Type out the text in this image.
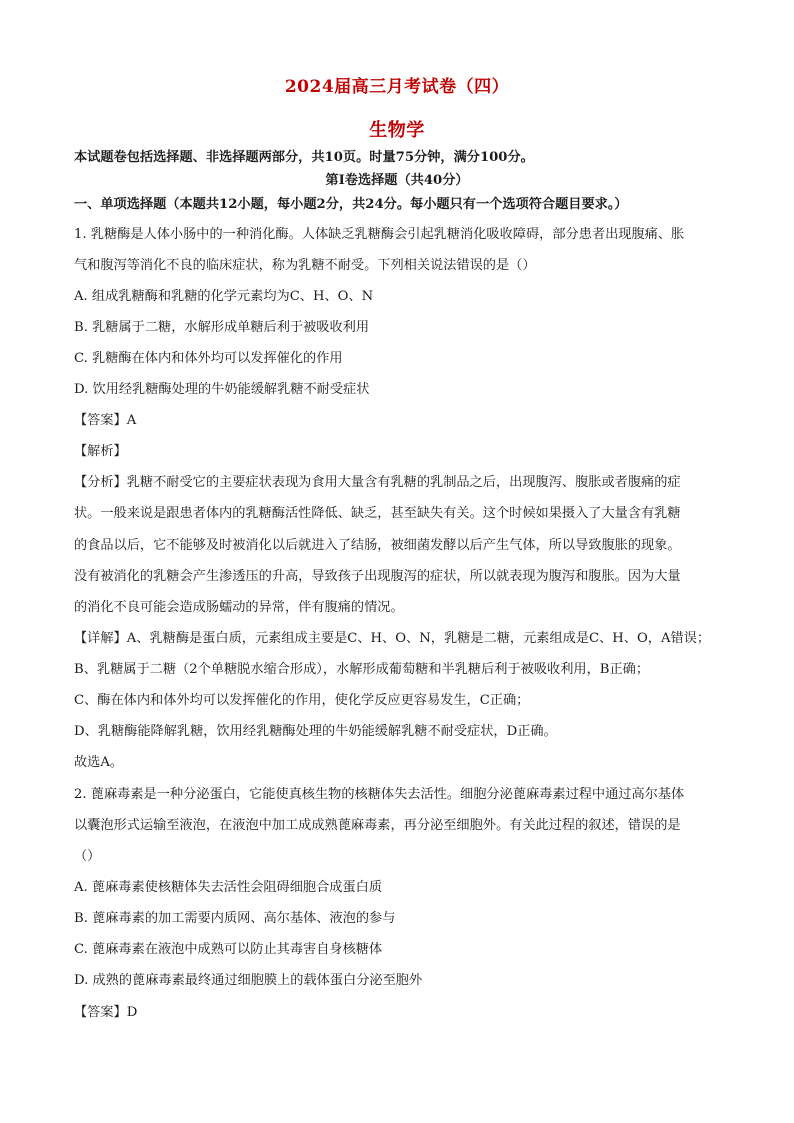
2024届高三月考试卷（四）
生物学
本试题卷包括选择题、非选择题两部分，共10页。时量75分钟，满分100分。
第Ⅰ卷选择题（共40分）
一、单项选择题（本题共12小题，每小题2分，共24分。每小题只有一个选项符合题目要求。）
1. 乳糖酶是人体小肠中的一种消化酶。人体缺乏乳糖酶会引起乳糖消化吸收障碍，部分患者出现腹痛、胀
气和腹泻等消化不良的临床症状，称为乳糖不耐受。下列相关说法错误的是（）
A. 组成乳糖酶和乳糖的化学元素均为C、H、O、N
B. 乳糖属于二糖，水解形成单糖后利于被吸收利用
C. 乳糖酶在体内和体外均可以发挥催化的作用
D. 饮用经乳糖酶处理的牛奶能缓解乳糖不耐受症状
【答案】A
【解析】
【分析】乳糖不耐受它的主要症状表现为食用大量含有乳糖的乳制品之后，出现腹泻、腹胀或者腹痛的症
状。一般来说是跟患者体内的乳糖酶活性降低、缺乏，甚至缺失有关。这个时候如果摄入了大量含有乳糖
的食品以后，它不能够及时被消化以后就进入了结肠，被细菌发酵以后产生气体，所以导致腹胀的现象。
没有被消化的乳糖会产生渗透压的升高，导致孩子出现腹泻的症状，所以就表现为腹泻和腹胀。因为大量
的消化不良可能会造成肠蠕动的异常，伴有腹痛的情况。
【详解】A、乳糖酶是蛋白质，元素组成主要是C、H、O、N，乳糖是二糖，元素组成是C、H、O，A错误；
B、乳糖属于二糖（2个单糖脱水缩合形成），水解形成葡萄糖和半乳糖后利于被吸收利用，B正确；
C、酶在体内和体外均可以发挥催化的作用，使化学反应更容易发生，C正确；
D、乳糖酶能降解乳糖，饮用经乳糖酶处理的牛奶能缓解乳糖不耐受症状，D正确。
故选A。
2. 蓖麻毒素是一种分泌蛋白，它能使真核生物的核糖体失去活性。细胞分泌蓖麻毒素过程中通过高尔基体
以囊泡形式运输至液泡，在液泡中加工成成熟蓖麻毒素，再分泌至细胞外。有关此过程的叙述，错误的是
（）
A. 蓖麻毒素使核糖体失去活性会阻碍细胞合成蛋白质
B. 蓖麻毒素的加工需要内质网、高尔基体、液泡的参与
C. 蓖麻毒素在液泡中成熟可以防止其毒害自身核糖体
D. 成熟的蓖麻毒素最终通过细胞膜上的载体蛋白分泌至胞外
【答案】D
